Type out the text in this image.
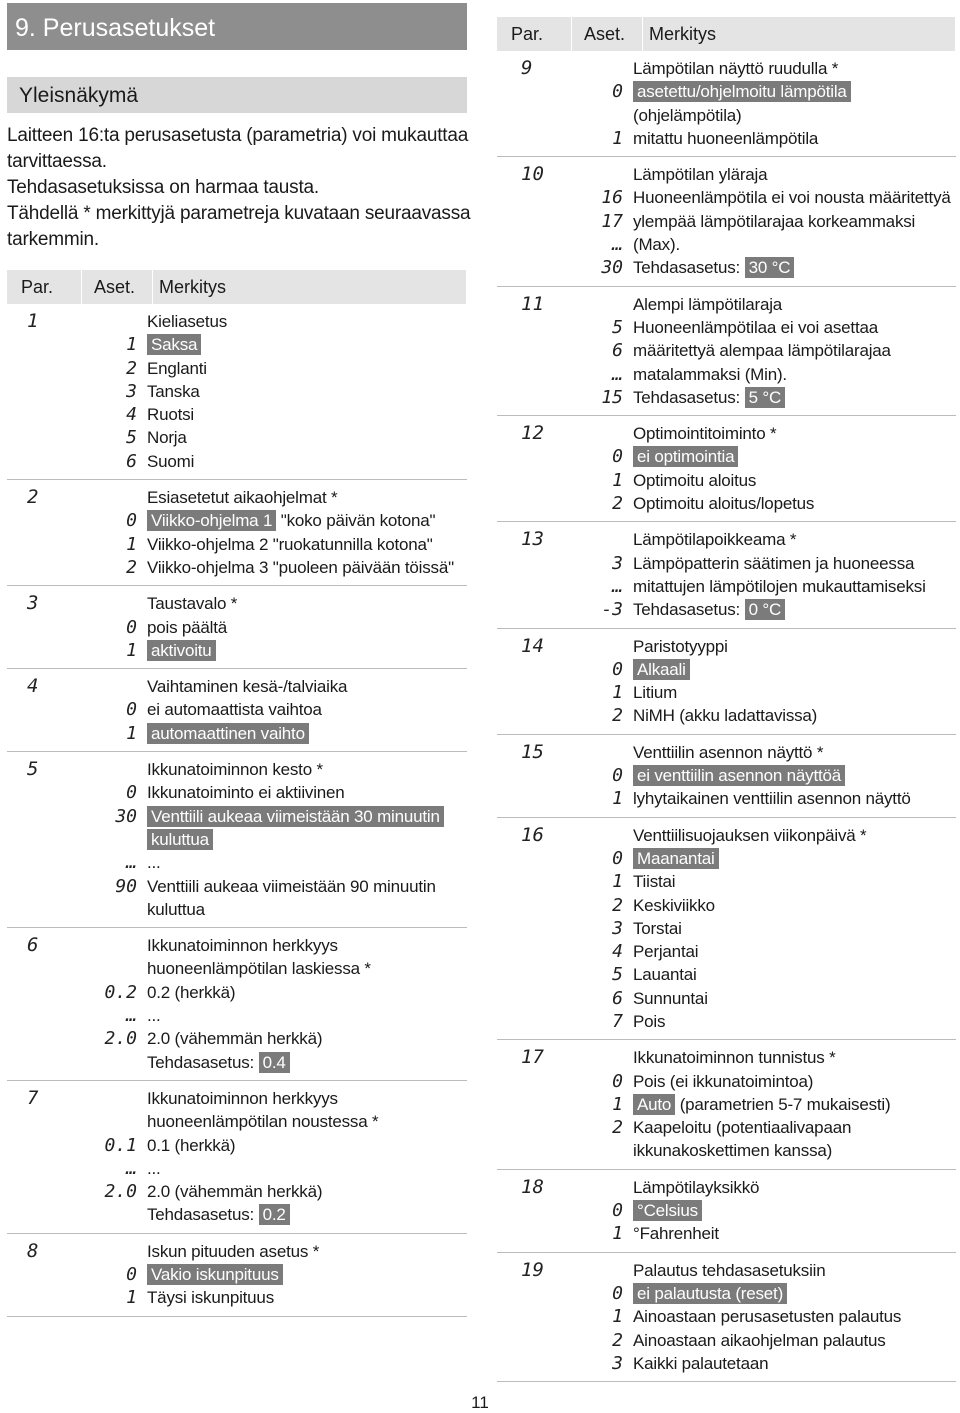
9. Perusasetukset
Yleisnäkymä
Laitteen 16:ta perusasetusta (parametria) voi mukauttaa
tarvittaessa.
Tehdasasetuksissa on harmaa tausta.
Tähdellä * merkittyjä parametreja kuvataan seuraavassa
tarkemmin.
Par.	Aset.	Merkitys

1	Kieliasetus
1 Saksa
2 Englanti
3 Tanska
4 Ruotsi
5 Norja
6 Suomi

2	Esiasetetut aikaohjelmat *
0 Viikko-ohjelma 1 "koko päivän kotona"
1 Viikko-ohjelma 2 "ruokatunnilla kotona"
2 Viikko-ohjelma 3 "puoleen päivään töissä"

3	Taustavalo *
0 pois päältä
1 aktivoitu

4	Vaihtaminen kesä-/talviaika
0 ei automaattista vaihtoa
1 automaattinen vaihto

5	Ikkunatoiminnon kesto *
0 Ikkunatoiminto ei aktiivinen
30 Venttiili aukeaa viimeistään 30 minuutin
kuluttua
… ...
90 Venttiili aukeaa viimeistään 90 minuutin
kuluttua

6	Ikkunatoiminnon herkkyys
huoneenlämpötilan laskiessa *
0.2 0.2 (herkkä)
… ...
2.0 2.0 (vähemmän herkkä)
Tehdasasetus: 0.4

7	Ikkunatoiminnon herkkyys
huoneenlämpötilan noustessa *
0.1 0.1 (herkkä)
… ...
2.0 2.0 (vähemmän herkkä)
Tehdasasetus: 0.2

8	Iskun pituuden asetus *
0 Vakio iskunpituus
1 Täysi iskunpituus
Par.	Aset.	Merkitys

9	Lämpötilan näyttö ruudulla *
0 asetettu/ohjelmoitu lämpötila
(ohjelämpötila)
1 mitattu huoneenlämpötila

10	Lämpötilan yläraja
16 Huoneenlämpötila ei voi nousta määritettyä
17 ylempää lämpötilarajaa korkeammaksi
… (Max).
30 Tehdasasetus: 30 °C

11	Alempi lämpötilaraja
5 Huoneenlämpötilaa ei voi asettaa
6 määritettyä alempaa lämpötilarajaa
… matalammaksi (Min).
15 Tehdasasetus: 5 °C

12	Optimointitoiminto *
0 ei optimointia
1 Optimoitu aloitus
2 Optimoitu aloitus/lopetus

13	Lämpötilapoikkeama *
3 Lämpöpatterin säätimen ja huoneessa
… mitattujen lämpötilojen mukauttamiseksi
-3 Tehdasasetus: 0 °C

14	Paristotyyppi
0 Alkaali
1 Litium
2 NiMH (akku ladattavissa)

15	Venttiilin asennon näyttö *
0 ei venttiilin asennon näyttöä
1 lyhytaikainen venttiilin asennon näyttö

16	Venttiilisuojauksen viikonpäivä *
0 Maanantai
1 Tiistai
2 Keskiviikko
3 Torstai
4 Perjantai
5 Lauantai
6 Sunnuntai
7 Pois

17	Ikkunatoiminnon tunnistus *
0 Pois (ei ikkunatoimintoa)
1 Auto (parametrien 5-7 mukaisesti)
2 Kaapeloitu (potentiaalivapaan
ikkunakoskettimen kanssa)

18	Lämpötilayksikkö
0 °Celsius
1 °Fahrenheit

19	Palautus tehdasasetuksiin
0 ei palautusta (reset)
1 Ainoastaan perusasetusten palautus
2 Ainoastaan aikaohjelman palautus
3 Kaikki palautetaan
11
